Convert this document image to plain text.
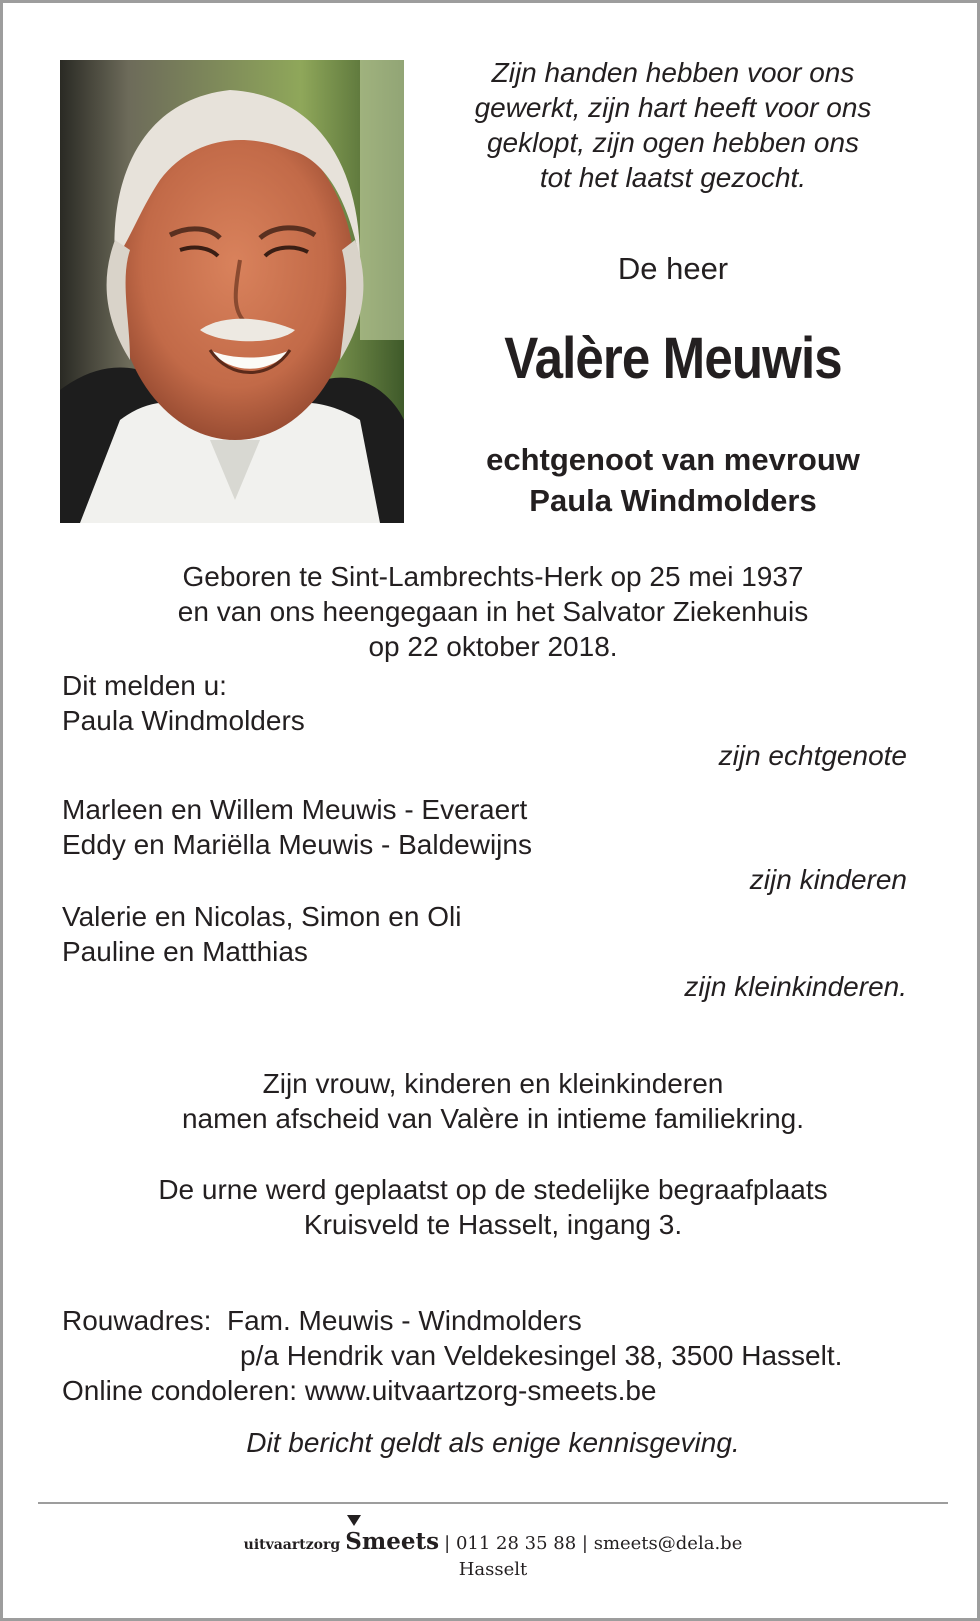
Zijn handen hebben voor ons
gewerkt, zijn hart heeft voor ons
geklopt, zijn ogen hebben ons
tot het laatst gezocht.
De heer
Valère Meuwis
echtgenoot van mevrouw
Paula Windmolders
Geboren te Sint-Lambrechts-Herk op 25 mei 1937
en van ons heengegaan in het Salvator Ziekenhuis
op 22 oktober 2018.
Dit melden u:
Paula Windmolders
zijn echtgenote
Marleen en Willem Meuwis - Everaert
Eddy en Mariëlla Meuwis - Baldewijns
zijn kinderen
Valerie en Nicolas, Simon en Oli
Pauline en Matthias
zijn kleinkinderen.
Zijn vrouw, kinderen en kleinkinderen
namen afscheid van Valère in intieme familiekring.
De urne werd geplaatst op de stedelijke begraafplaats
Kruisveld te Hasselt, ingang 3.
Rouwadres: Fam. Meuwis - Windmolders
p/a Hendrik van Veldekesingel 38, 3500 Hasselt.
Online condoleren: www.uitvaartzorg-smeets.be
Dit bericht geldt als enige kennisgeving.
uitvaartzorg Smeets | 011 28 35 88 | smeets@dela.be
Hasselt
